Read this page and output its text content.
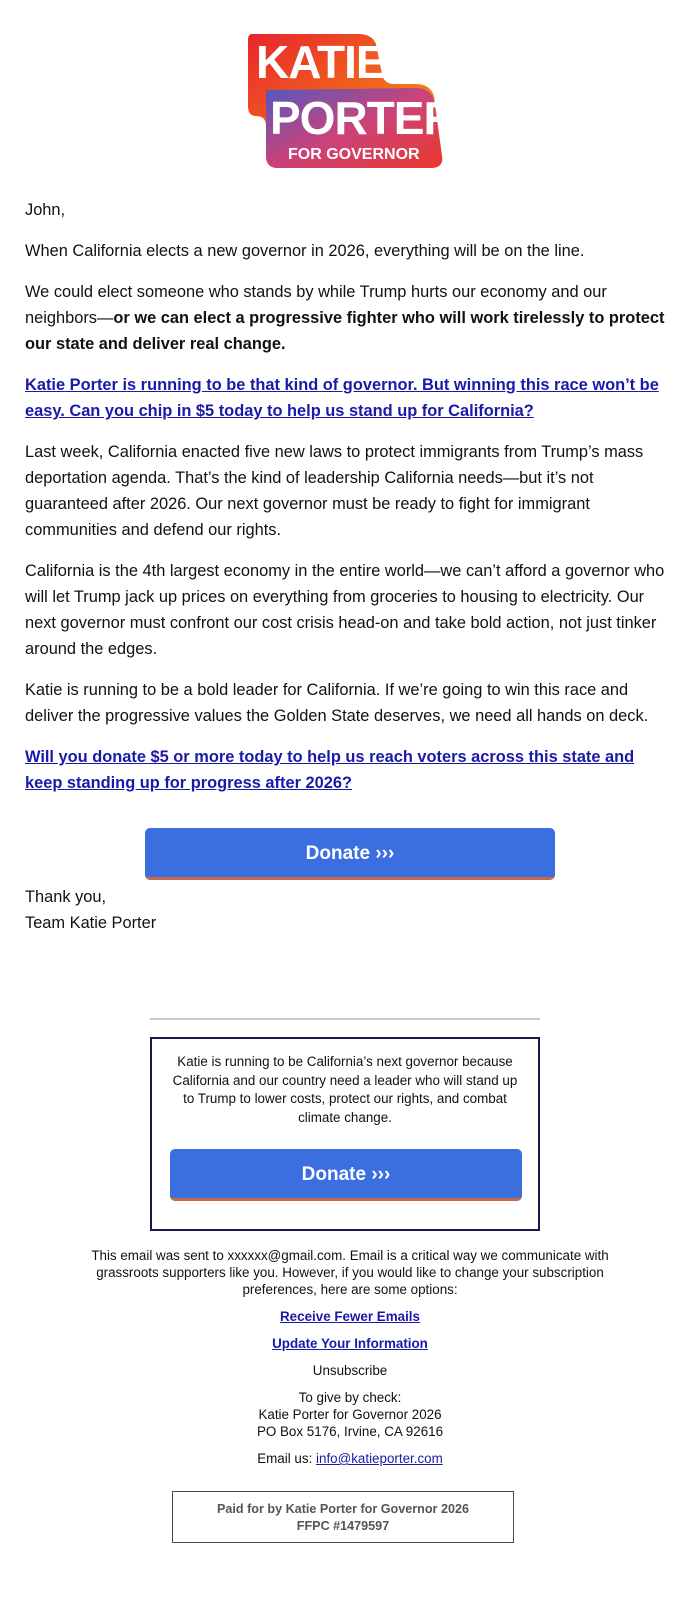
KATIE
PORTER
FOR GOVERNOR

John,

When California elects a new governor in 2026, everything will be on the line.

We could elect someone who stands by while Trump hurts our economy and our neighbors—or we can elect a progressive fighter who will work tirelessly to protect our state and deliver real change.

Katie Porter is running to be that kind of governor. But winning this race won’t be easy. Can you chip in $5 today to help us stand up for California?

Last week, California enacted five new laws to protect immigrants from Trump’s mass deportation agenda. That’s the kind of leadership California needs—but it’s not guaranteed after 2026. Our next governor must be ready to fight for immigrant communities and defend our rights.

California is the 4th largest economy in the entire world—we can’t afford a governor who will let Trump jack up prices on everything from groceries to housing to electricity. Our next governor must confront our cost crisis head-on and take bold action, not just tinker around the edges.

Katie is running to be a bold leader for California. If we’re going to win this race and deliver the progressive values the Golden State deserves, we need all hands on deck.

Will you donate $5 or more today to help us reach voters across this state and keep standing up for progress after 2026?

Donate ›››
Thank you,
Team Katie Porter
Katie is running to be California’s next governor because California and our country need a leader who will stand up to Trump to lower costs, protect our rights, and combat climate change.
Donate ›››
This email was sent to xxxxxx@gmail.com. Email is a critical way we communicate with grassroots supporters like you. However, if you would like to change your subscription preferences, here are some options:
Receive Fewer Emails
Update Your Information
Unsubscribe
To give by check:
Katie Porter for Governor 2026
PO Box 5176, Irvine, CA 92616
Email us: info@katieporter.com
Paid for by Katie Porter for Governor 2026
FFPC #1479597
